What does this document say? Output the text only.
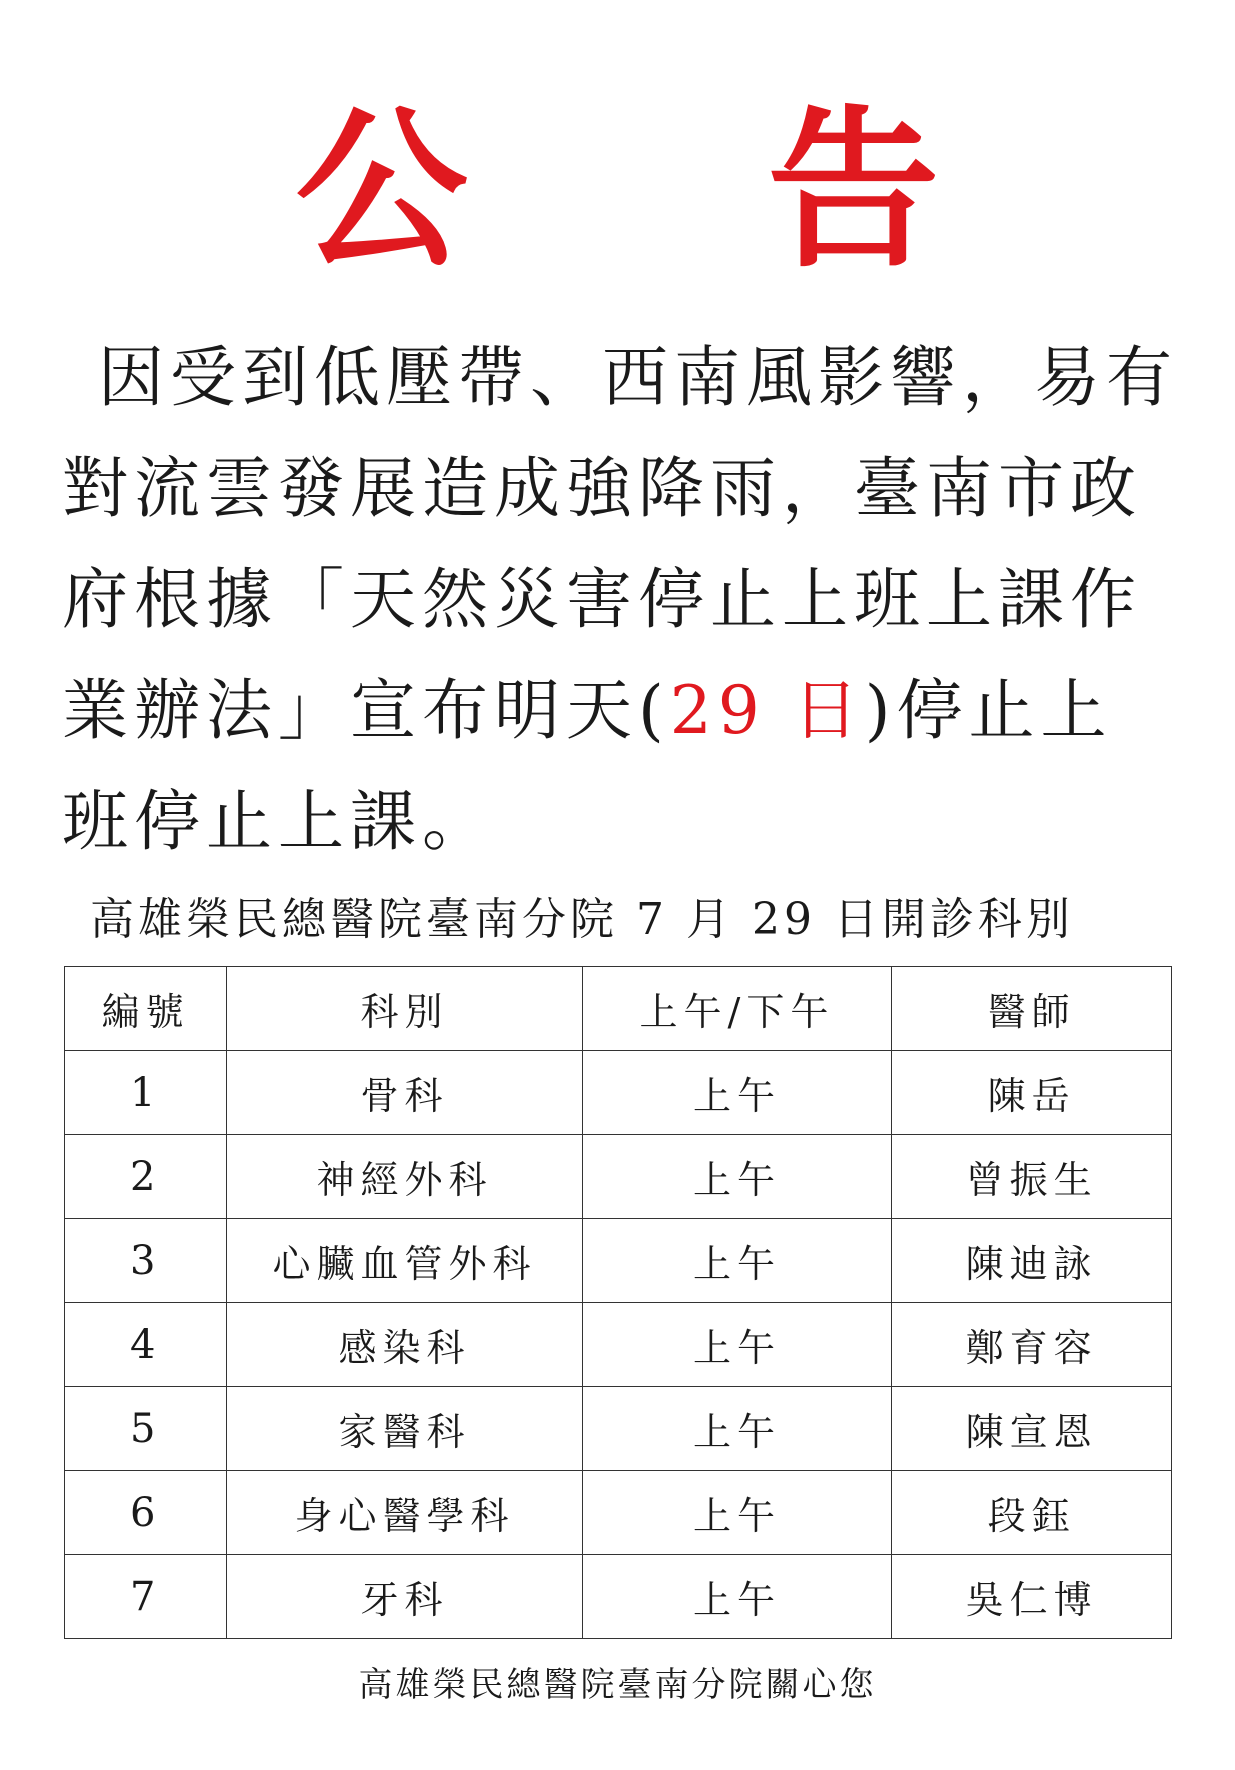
公 告
因受到低壓帶、西南風影響，易有對流雲發展造成強降雨，臺南市政府根據「天然災害停止上班上課作業辦法」宣布明天(29 日)停止上班停止上課。
高雄榮民總醫院臺南分院 7 月 29 日開診科別
編號	科別	上午/下午	醫師
1	骨科	上午	陳岳
2	神經外科	上午	曾振生
3	心臟血管外科	上午	陳迪詠
4	感染科	上午	鄭育容
5	家醫科	上午	陳宣恩
6	身心醫學科	上午	段鈺
7	牙科	上午	吳仁博
高雄榮民總醫院臺南分院關心您
